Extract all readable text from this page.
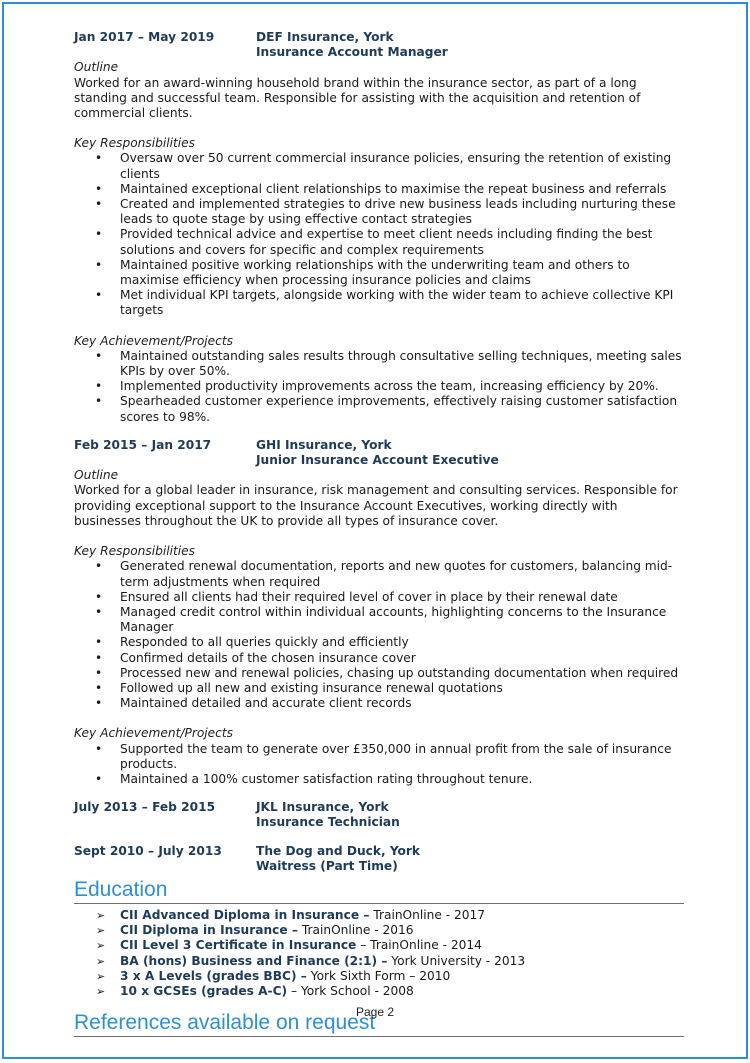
Jan 2017 – May 2019	DEF Insurance, York
Insurance Account Manager
Outline

Worked for an award-winning household brand within the insurance sector, as part of a long standing and successful team. Responsible for assisting with the acquisition and retention of commercial clients.

Key Responsibilities
• Oversaw over 50 current commercial insurance policies, ensuring the retention of existing clients
• Maintained exceptional client relationships to maximise the repeat business and referrals
• Created and implemented strategies to drive new business leads including nurturing these leads to quote stage by using effective contact strategies
• Provided technical advice and expertise to meet client needs including finding the best solutions and covers for specific and complex requirements
• Maintained positive working relationships with the underwriting team and others to maximise efficiency when processing insurance policies and claims
• Met individual KPI targets, alongside working with the wider team to achieve collective KPI targets
Key Achievement/Projects
• Maintained outstanding sales results through consultative selling techniques, meeting sales KPIs by over 50%.
• Implemented productivity improvements across the team, increasing efficiency by 20%.
• Spearheaded customer experience improvements, effectively raising customer satisfaction scores to 98%.
Feb 2015 – Jan 2017	GHI Insurance, York
Junior Insurance Account Executive
Outline

Worked for a global leader in insurance, risk management and consulting services. Responsible for providing exceptional support to the Insurance Account Executives, working directly with businesses throughout the UK to provide all types of insurance cover.

Key Responsibilities
• Generated renewal documentation, reports and new quotes for customers, balancing mid-term adjustments when required
• Ensured all clients had their required level of cover in place by their renewal date
• Managed credit control within individual accounts, highlighting concerns to the Insurance Manager
• Responded to all queries quickly and efficiently
• Confirmed details of the chosen insurance cover
• Processed new and renewal policies, chasing up outstanding documentation when required
• Followed up all new and existing insurance renewal quotations
• Maintained detailed and accurate client records
Key Achievement/Projects
• Supported the team to generate over £350,000 in annual profit from the sale of insurance products.
• Maintained a 100% customer satisfaction rating throughout tenure.
July 2013 – Feb 2015	JKL Insurance, York
Insurance Technician
Sept 2010 – July 2013	The Dog and Duck, York
Waitress (Part Time)
Education
➢ CII Advanced Diploma in Insurance – TrainOnline - 2017
➢ CII Diploma in Insurance – TrainOnline - 2016
➢ CII Level 3 Certificate in Insurance – TrainOnline - 2014
➢ BA (hons) Business and Finance (2:1) – York University - 2013
➢ 3 x A Levels (grades BBC) – York Sixth Form – 2010
➢ 10 x GCSEs (grades A-C) – York School - 2008
References available on request
Page 2
